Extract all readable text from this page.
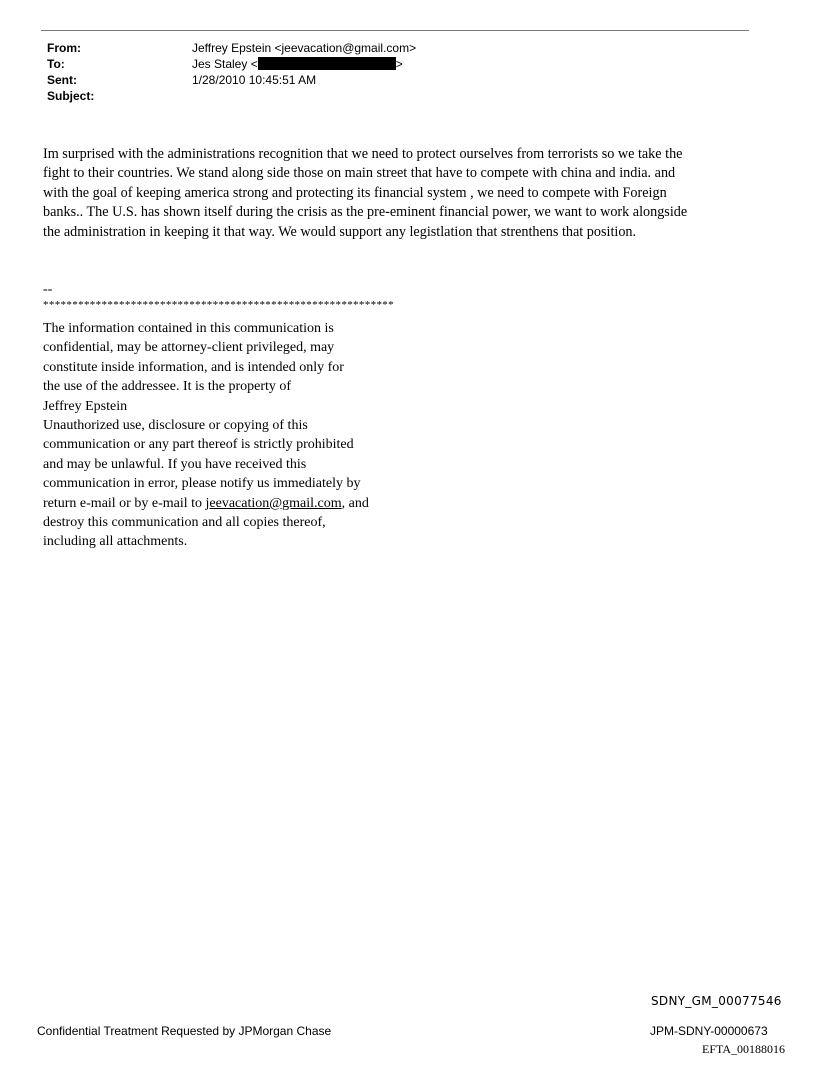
From:	Jeffrey Epstein <jeevacation@gmail.com>
To:	Jes Staley <	>
Sent:	1/28/2010 10:45:51 AM
Subject:
Im surprised with the administrations recognition that we need to protect ourselves from terrorists so we take the
fight to their countries. We stand along side those on main street that have to compete with china and india. and
with the goal of keeping america strong and protecting its financial system , we need to compete with Foreign
banks.. The U.S. has shown itself during the crisis as the pre-eminent financial power, we want to work alongside
the administration in keeping it that way. We would support any legistlation that strenthens that position.
--
************************************************************
The information contained in this communication is
confidential, may be attorney-client privileged, may
constitute inside information, and is intended only for
the use of the addressee. It is the property of
Jeffrey Epstein
Unauthorized use, disclosure or copying of this
communication or any part thereof is strictly prohibited
and may be unlawful. If you have received this
communication in error, please notify us immediately by
return e-mail or by e-mail to jeevacation@gmail.com, and
destroy this communication and all copies thereof,
including all attachments.
SDNY_GM_00077546
Confidential Treatment Requested by JPMorgan Chase	JPM-SDNY-00000673
EFTA_00188016
